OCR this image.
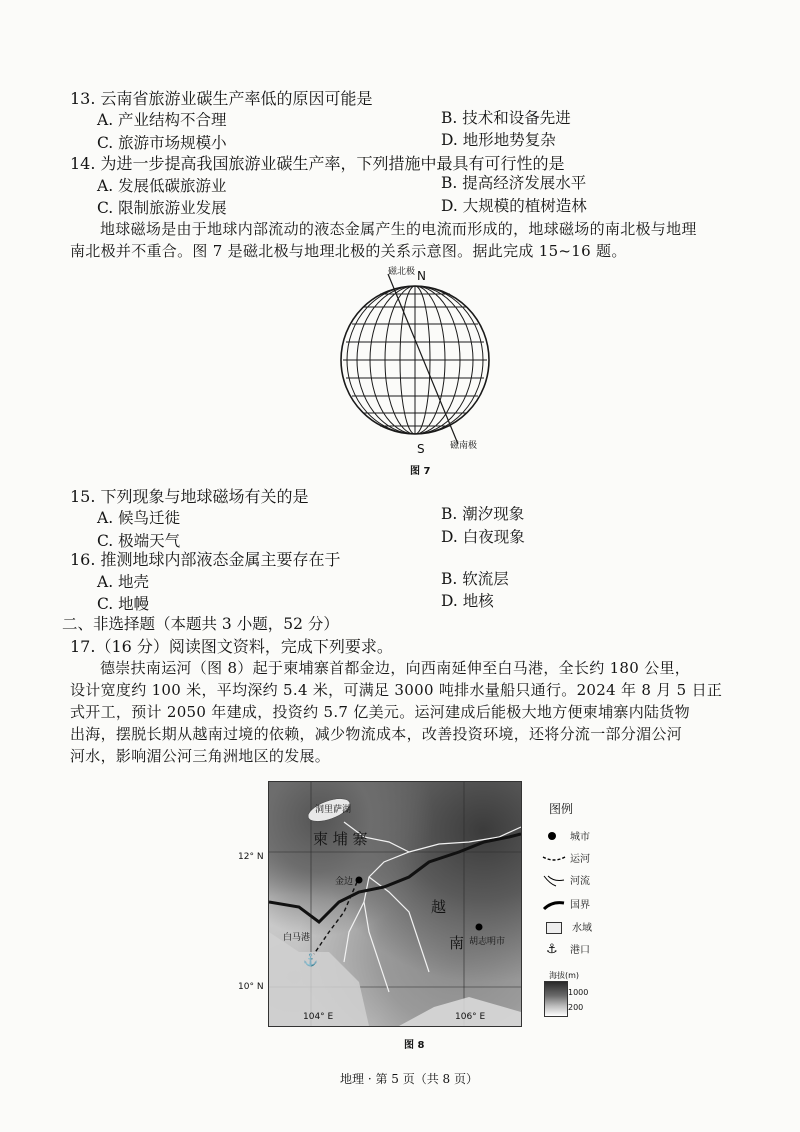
13. 云南省旅游业碳生产率低的原因可能是
A. 产业结构不合理	B. 技术和设备先进
C. 旅游市场规模小	D. 地形地势复杂
14. 为进一步提高我国旅游业碳生产率，下列措施中最具有可行性的是
A. 发展低碳旅游业	B. 提高经济发展水平
C. 限制旅游业发展	D. 大规模的植树造林
地球磁场是由于地球内部流动的液态金属产生的电流而形成的，地球磁场的南北极与地理
南北极并不重合。图 7 是磁北极与地理北极的关系示意图。据此完成 15~16 题。
磁北极 N
S	磁南极
图 7
15. 下列现象与地球磁场有关的是
A. 候鸟迁徙	B. 潮汐现象
C. 极端天气	D. 白夜现象
16. 推测地球内部液态金属主要存在于
A. 地壳	B. 软流层
C. 地幔	D. 地核
二、非选择题（本题共 3 小题，52 分）
17.（16 分）阅读图文资料，完成下列要求。
德崇扶南运河（图 8）起于柬埔寨首都金边，向西南延伸至白马港，全长约 180 公里，
设计宽度约 100 米，平均深约 5.4 米，可满足 3000 吨排水量船只通行。2024 年 8 月 5 日正
式开工，预计 2050 年建成，投资约 5.7 亿美元。运河建成后能极大地方便柬埔寨内陆货物
出海，摆脱长期从越南过境的依赖，减少物流成本，改善投资环境，还将分流一部分湄公河
河水，影响湄公河三角洲地区的发展。
⚓
洞里萨湖
柬 埔 寨
金边
白马港
越
南 胡志明市
104° E	106° E
12° N
10° N
图例
城市
运河
河流
国界
水域
⚓ 港口
海拔(m)
1000
200
图 8
地理 · 第 5 页（共 8 页）
